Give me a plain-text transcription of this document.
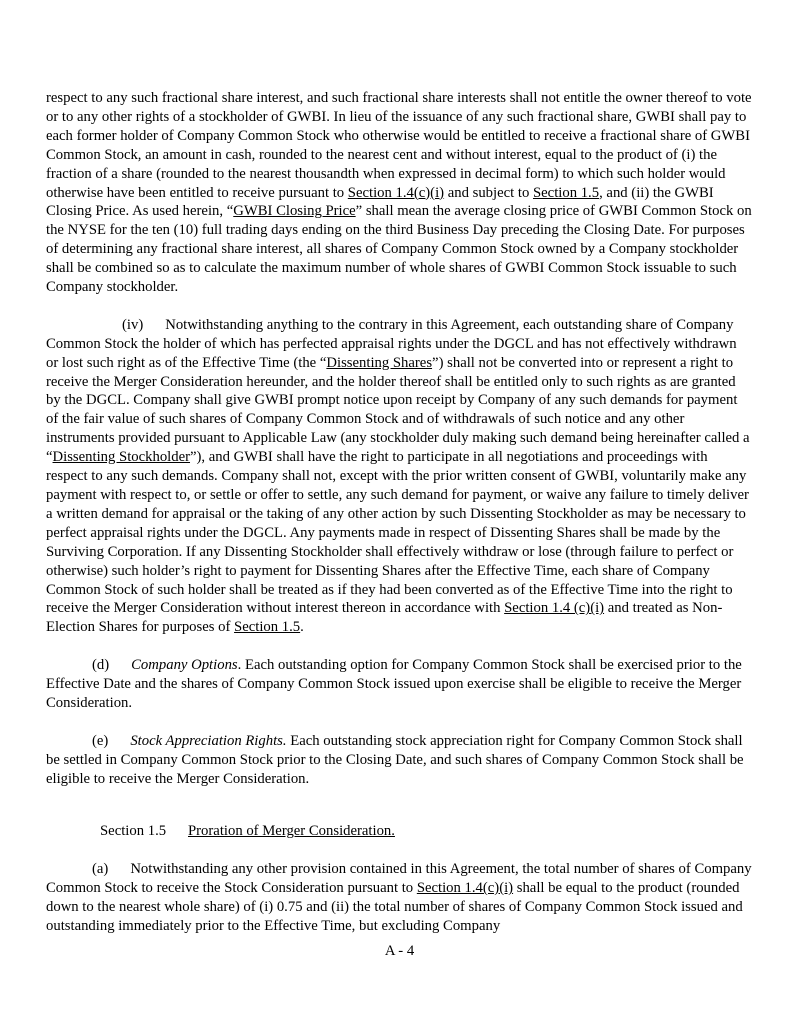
respect to any such fractional share interest, and such fractional share interests shall not entitle the owner thereof to vote or to any other rights of a stockholder of GWBI. In lieu of the issuance of any such fractional share, GWBI shall pay to each former holder of Company Common Stock who otherwise would be entitled to receive a fractional share of GWBI Common Stock, an amount in cash, rounded to the nearest cent and without interest, equal to the product of (i) the fraction of a share (rounded to the nearest thousandth when expressed in decimal form) to which such holder would otherwise have been entitled to receive pursuant to Section 1.4(c)(i) and subject to Section 1.5, and (ii) the GWBI Closing Price. As used herein, “GWBI Closing Price” shall mean the average closing price of GWBI Common Stock on the NYSE for the ten (10) full trading days ending on the third Business Day preceding the Closing Date. For purposes of determining any fractional share interest, all shares of Company Common Stock owned by a Company stockholder shall be combined so as to calculate the maximum number of whole shares of GWBI Common Stock issuable to such Company stockholder.

(iv) Notwithstanding anything to the contrary in this Agreement, each outstanding share of Company Common Stock the holder of which has perfected appraisal rights under the DGCL and has not effectively withdrawn or lost such right as of the Effective Time (the “Dissenting Shares”) shall not be converted into or represent a right to receive the Merger Consideration hereunder, and the holder thereof shall be entitled only to such rights as are granted by the DGCL. Company shall give GWBI prompt notice upon receipt by Company of any such demands for payment of the fair value of such shares of Company Common Stock and of withdrawals of such notice and any other instruments provided pursuant to Applicable Law (any stockholder duly making such demand being hereinafter called a “Dissenting Stockholder”), and GWBI shall have the right to participate in all negotiations and proceedings with respect to any such demands. Company shall not, except with the prior written consent of GWBI, voluntarily make any payment with respect to, or settle or offer to settle, any such demand for payment, or waive any failure to timely deliver a written demand for appraisal or the taking of any other action by such Dissenting Stockholder as may be necessary to perfect appraisal rights under the DGCL. Any payments made in respect of Dissenting Shares shall be made by the Surviving Corporation. If any Dissenting Stockholder shall effectively withdraw or lose (through failure to perfect or otherwise) such holder’s right to payment for Dissenting Shares after the Effective Time, each share of Company Common Stock of such holder shall be treated as if they had been converted as of the Effective Time into the right to receive the Merger Consideration without interest thereon in accordance with Section 1.4 (c)(i) and treated as Non-Election Shares for purposes of Section 1.5.

(d) Company Options. Each outstanding option for Company Common Stock shall be exercised prior to the Effective Date and the shares of Company Common Stock issued upon exercise shall be eligible to receive the Merger Consideration.

(e) Stock Appreciation Rights. Each outstanding stock appreciation right for Company Common Stock shall be settled in Company Common Stock prior to the Closing Date, and such shares of Company Common Stock shall be eligible to receive the Merger Consideration.

Section 1.5 Proration of Merger Consideration.

(a) Notwithstanding any other provision contained in this Agreement, the total number of shares of Company Common Stock to receive the Stock Consideration pursuant to Section 1.4(c)(i) shall be equal to the product (rounded down to the nearest whole share) of (i) 0.75 and (ii) the total number of shares of Company Common Stock issued and outstanding immediately prior to the Effective Time, but excluding Company

A - 4
